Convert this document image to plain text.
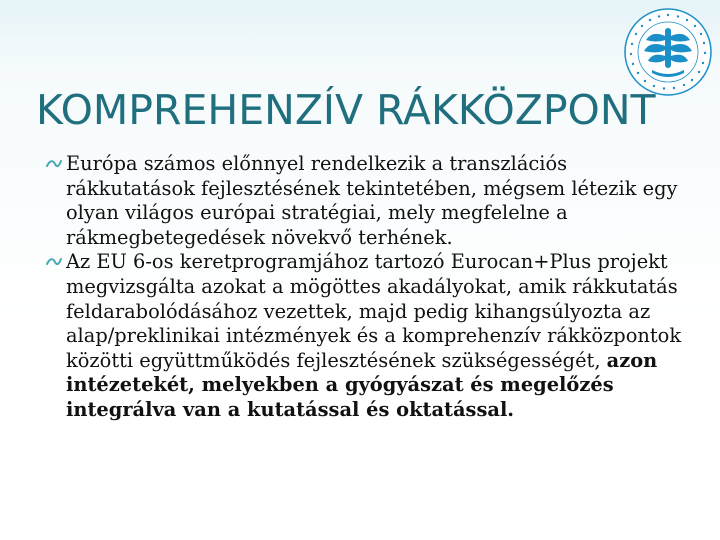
KOMPREHENZÍV RÁKKÖZPONT

Európa számos előnnyel rendelkezik a transzlációs rákkutatások fejlesztésének tekintetében, mégsem létezik egy olyan világos európai stratégiai, mely megfelelne a rákmegbetegedések növekvő terhének.

Az EU 6-os keretprogramjához tartozó Eurocan+Plus projekt megvizsgálta azokat a mögöttes akadályokat, amik rákkutatás feldarabolódásához vezettek, majd pedig kihangsúlyozta az alap/preklinikai intézmények és a komprehenzív rákközpontok közötti együttműködés fejlesztésének szükségességét, azon intézetekét, melyekben a gyógyászat és megelőzés integrálva van a kutatással és oktatással.
